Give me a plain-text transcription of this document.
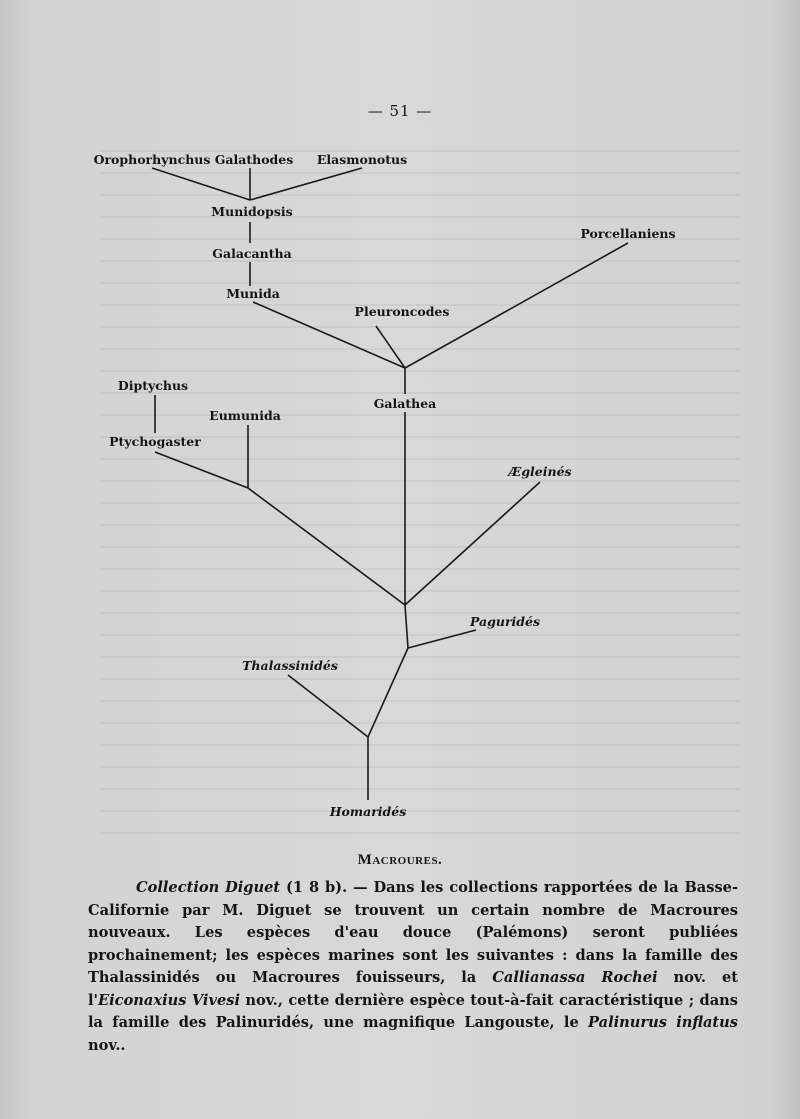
— 51 —
Orophorhynchus Galathodes Elasmonotus
Munidopsis
Galacantha
Munida
Porcellaniens
Pleuroncodes
Diptychus
Eumunida
Galathea
Ptychogaster
Ægleinés
Paguridés
Thalassinidés
Homaridés
Macroures.
Collection Diguet (1 8 b). — Dans les collections rapportées de la Basse-Californie par M. Diguet se trouvent un certain nombre de Macroures nouveaux. Les espèces d'eau douce (Palémons) seront publiées prochainement; les espèces marines sont les suivantes : dans la famille des Thalassinidés ou Macroures fouisseurs, la Callianassa Rochei nov. et l'Eiconaxius Vivesi nov., cette dernière espèce tout-à-fait caractéristique ; dans la famille des Palinuridés, une magnifique Langouste, le Palinurus inflatus nov..
